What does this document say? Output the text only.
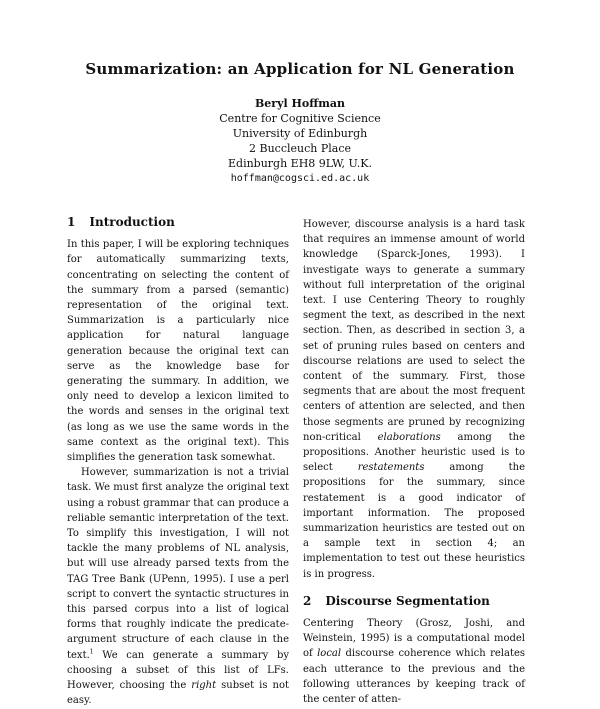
Summarization: an Application for NL Generation
Beryl Hoffman
Centre for Cognitive Science
University of Edinburgh
2 Buccleuch Place
Edinburgh EH8 9LW, U.K.
hoffman@cogsci.ed.ac.uk
1 Introduction

In this paper, I will be exploring techniques for automatically summarizing texts, concentrating on selecting the content of the summary from a parsed (semantic) representation of the original text. Summarization is a particularly nice application for natural language generation because the original text can serve as the knowledge base for generating the summary. In addition, we only need to develop a lexicon limited to the words and senses in the original text (as long as we use the same words in the same context as the original text). This simplifies the generation task somewhat.

However, summarization is not a trivial task. We must first analyze the original text using a robust grammar that can produce a reliable semantic interpretation of the text. To simplify this investigation, I will not tackle the many problems of NL analysis, but will use already parsed texts from the TAG Tree Bank (UPenn, 1995). I use a perl script to convert the syntactic structures in this parsed corpus into a list of logical forms that roughly indicate the predicate-argument structure of each clause in the text.$^1$ We can generate a summary by choosing a subset of this list of LFs. However, choosing the right subset is not easy.

However, discourse analysis is a hard task that requires an immense amount of world knowledge (Sparck-Jones, 1993). I investigate ways to generate a summary without full interpretation of the original text. I use Centering Theory to roughly segment the text, as described in the next section. Then, as described in section 3, a set of pruning rules based on centers and discourse relations are used to select the content of the summary. First, those segments that are about the most frequent centers of attention are selected, and then those segments are pruned by recognizing non-critical elaborations among the propositions. Another heuristic used is to select restatements among the propositions for the summary, since restatement is a good indicator of important information. The proposed summarization heuristics are tested out on a sample text in section 4; an implementation to test out these heuristics is in progress.

2 Discourse Segmentation

Centering Theory (Grosz, Joshi, and Weinstein, 1995) is a computational model of local discourse coherence which relates each utterance to the previous and the following utterances by keeping track of the center of atten-
